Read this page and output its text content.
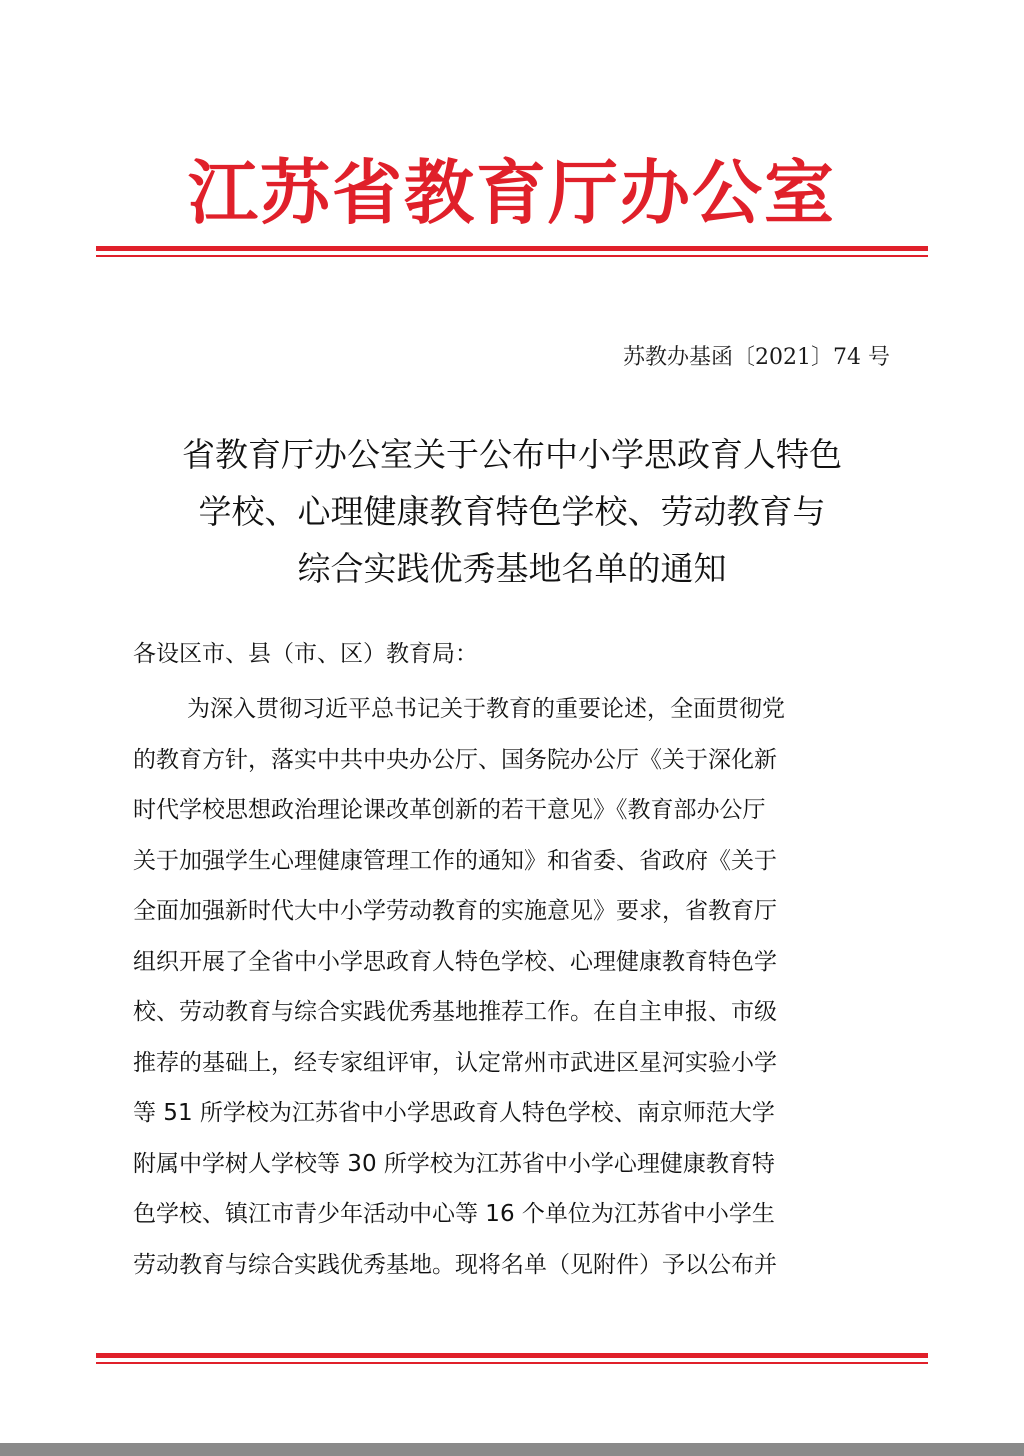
江苏省教育厅办公室
苏教办基函〔2021〕74 号
省教育厅办公室关于公布中小学思政育人特色
学校、心理健康教育特色学校、劳动教育与
综合实践优秀基地名单的通知
各设区市、县（市、区）教育局：
为深入贯彻习近平总书记关于教育的重要论述，全面贯彻党
的教育方针，落实中共中央办公厅、国务院办公厅《关于深化新
时代学校思想政治理论课改革创新的若干意见》《教育部办公厅
关于加强学生心理健康管理工作的通知》和省委、省政府《关于
全面加强新时代大中小学劳动教育的实施意见》要求，省教育厅
组织开展了全省中小学思政育人特色学校、心理健康教育特色学
校、劳动教育与综合实践优秀基地推荐工作。在自主申报、市级
推荐的基础上，经专家组评审，认定常州市武进区星河实验小学
等 51 所学校为江苏省中小学思政育人特色学校、南京师范大学
附属中学树人学校等 30 所学校为江苏省中小学心理健康教育特
色学校、镇江市青少年活动中心等 16 个单位为江苏省中小学生
劳动教育与综合实践优秀基地。现将名单（见附件）予以公布并
